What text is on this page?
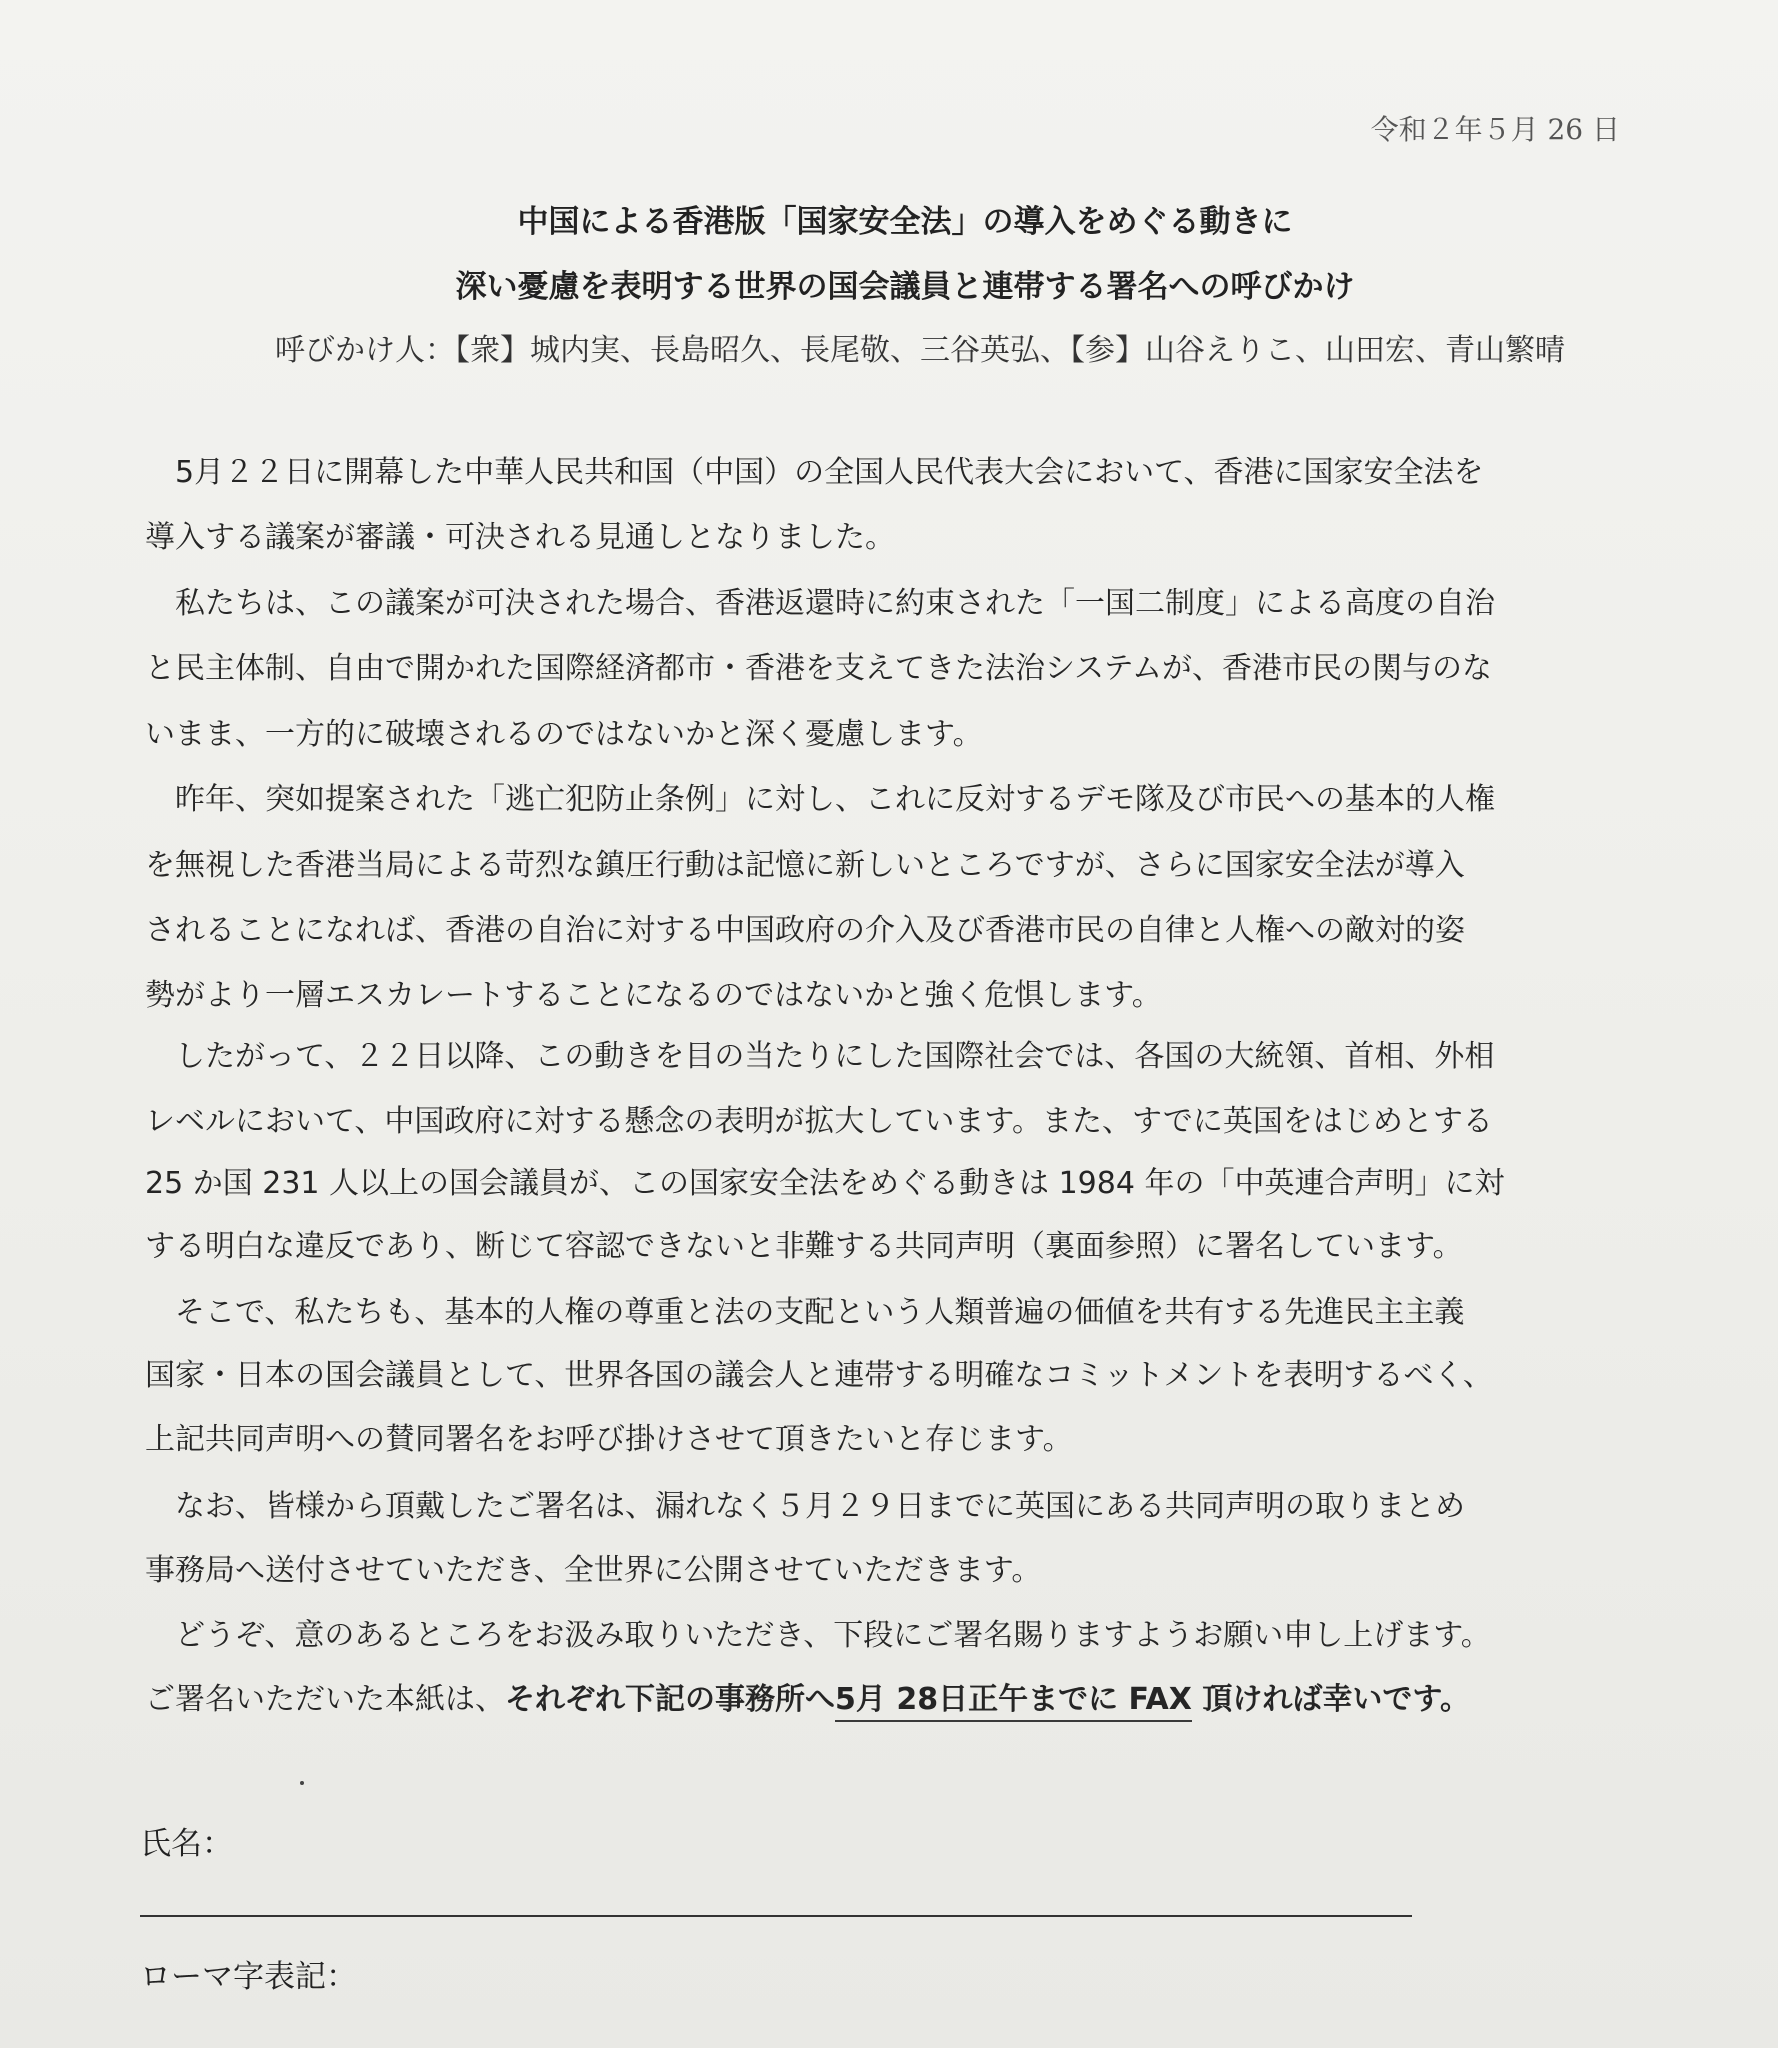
令和２年５月 26 日
中国による香港版「国家安全法」の導入をめぐる動きに
深い憂慮を表明する世界の国会議員と連帯する署名への呼びかけ
呼びかけ人：【衆】城内実、長島昭久、長尾敬、三谷英弘、【参】山谷えりこ、山田宏、青山繁晴
　5月２２日に開幕した中華人民共和国（中国）の全国人民代表大会において、香港に国家安全法を
導入する議案が審議・可決される見通しとなりました。
　私たちは、この議案が可決された場合、香港返還時に約束された「一国二制度」による高度の自治
と民主体制、自由で開かれた国際経済都市・香港を支えてきた法治システムが、香港市民の関与のな
いまま、一方的に破壊されるのではないかと深く憂慮します。
　昨年、突如提案された「逃亡犯防止条例」に対し、これに反対するデモ隊及び市民への基本的人権
を無視した香港当局による苛烈な鎮圧行動は記憶に新しいところですが、さらに国家安全法が導入
されることになれば、香港の自治に対する中国政府の介入及び香港市民の自律と人権への敵対的姿
勢がより一層エスカレートすることになるのではないかと強く危惧します。
　したがって、２２日以降、この動きを目の当たりにした国際社会では、各国の大統領、首相、外相
レベルにおいて、中国政府に対する懸念の表明が拡大しています。また、すでに英国をはじめとする
25 か国 231 人以上の国会議員が、この国家安全法をめぐる動きは 1984 年の「中英連合声明」に対
する明白な違反であり、断じて容認できないと非難する共同声明（裏面参照）に署名しています。
　そこで、私たちも、基本的人権の尊重と法の支配という人類普遍の価値を共有する先進民主主義
国家・日本の国会議員として、世界各国の議会人と連帯する明確なコミットメントを表明するべく、
上記共同声明への賛同署名をお呼び掛けさせて頂きたいと存じます。
　なお、皆様から頂戴したご署名は、漏れなく５月２９日までに英国にある共同声明の取りまとめ
事務局へ送付させていただき、全世界に公開させていただきます。
　どうぞ、意のあるところをお汲み取りいただき、下段にご署名賜りますようお願い申し上げます。
ご署名いただいた本紙は、それぞれ下記の事務所へ5月 28日正午までに FAX 頂ければ幸いです。
氏名：
ローマ字表記：
